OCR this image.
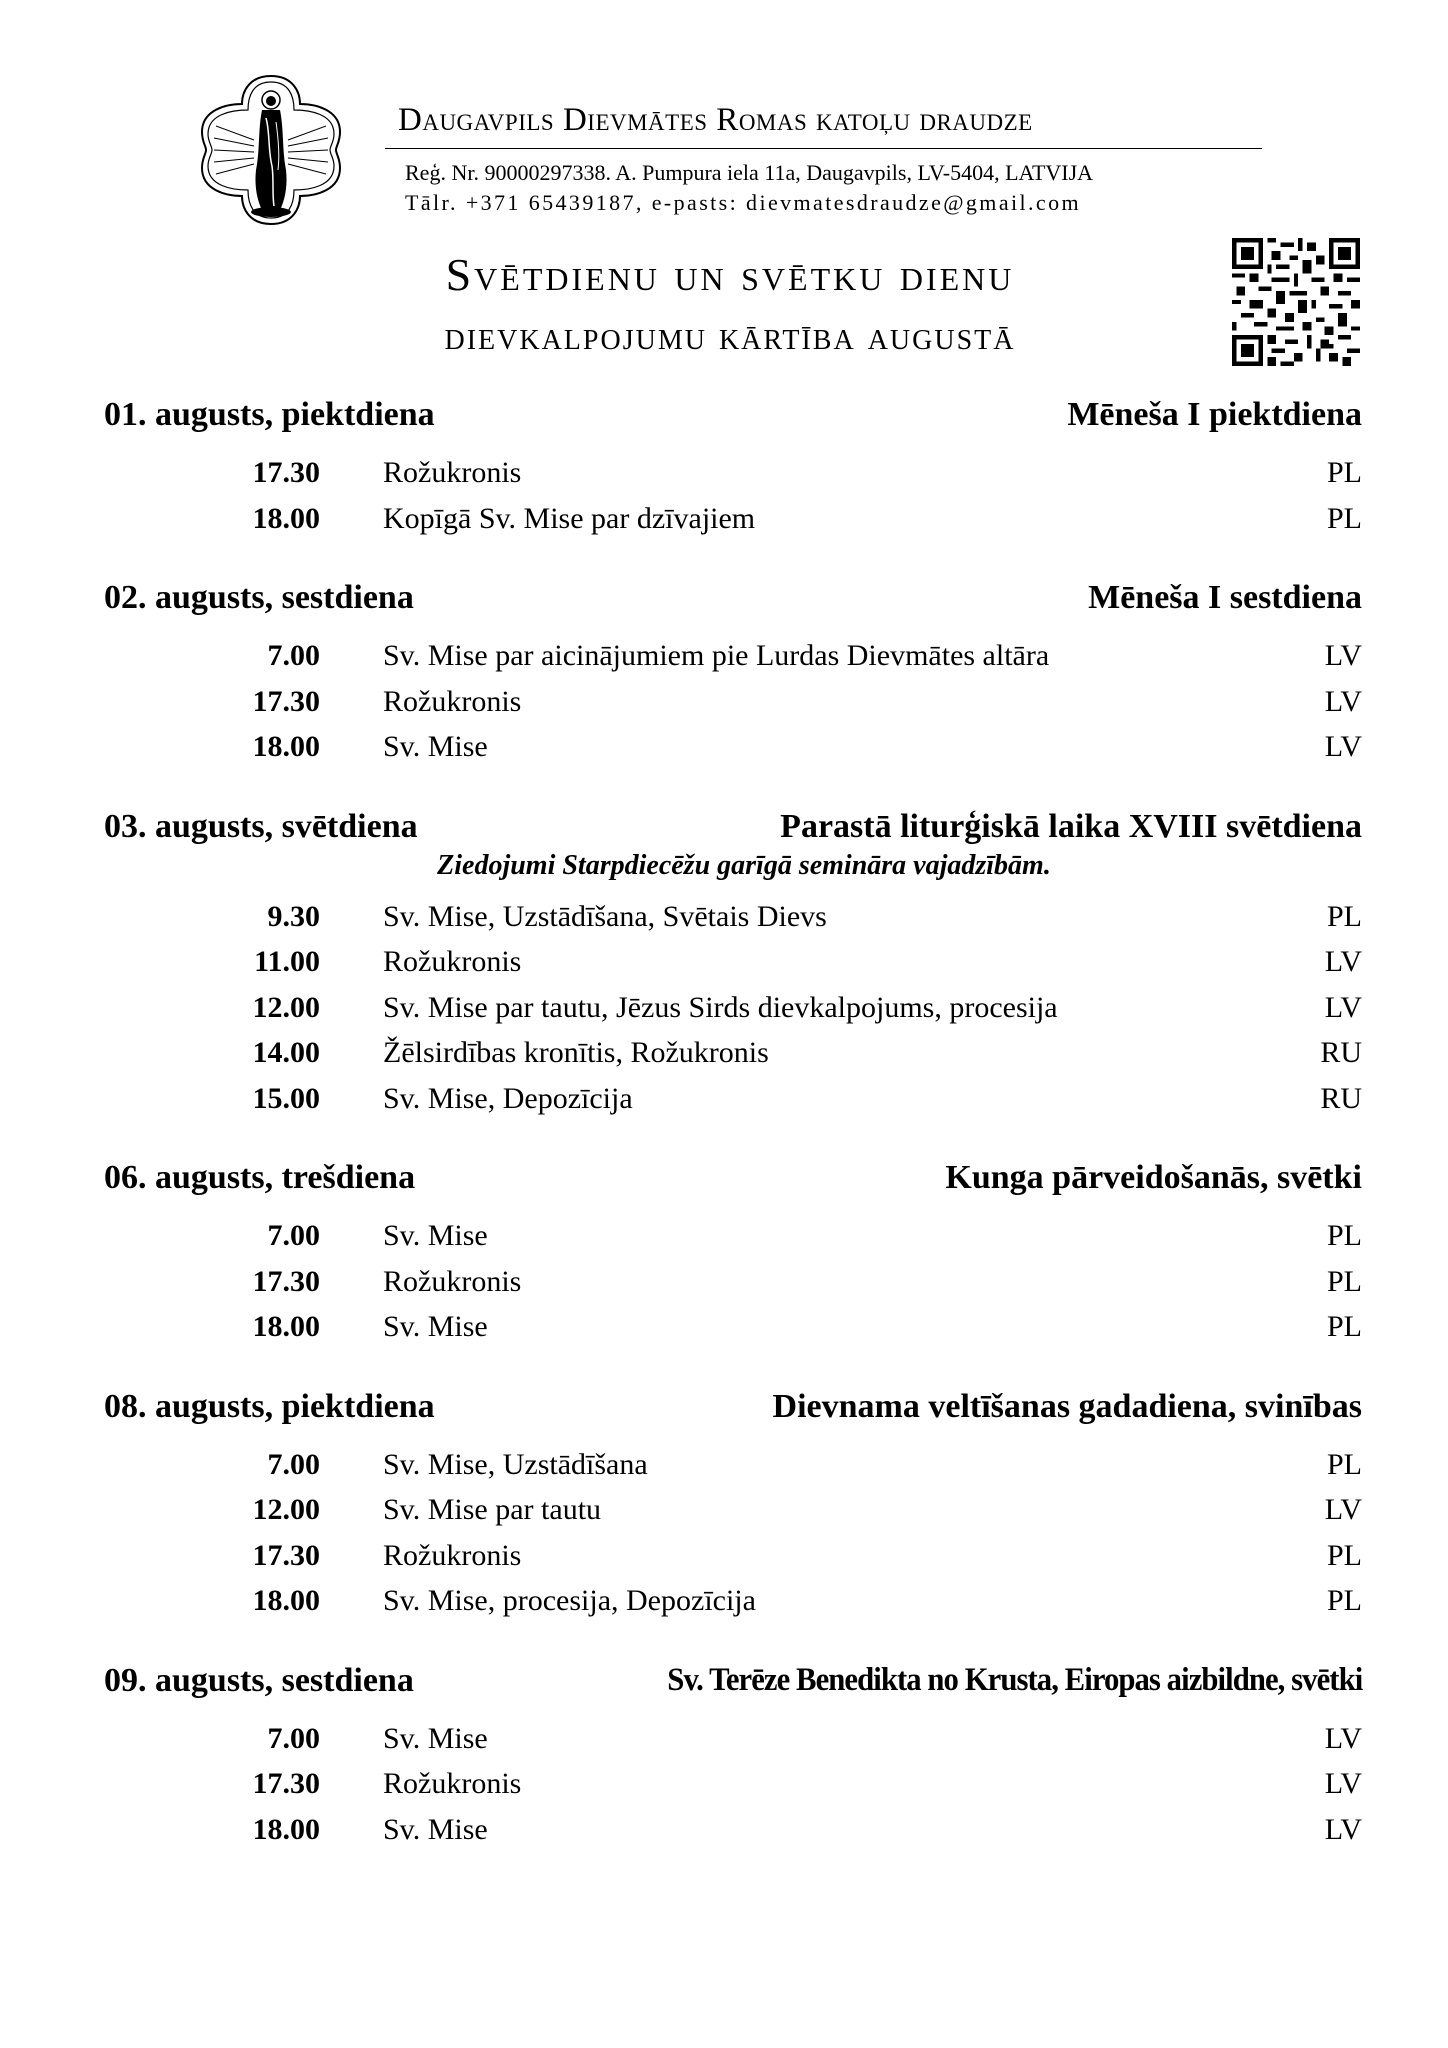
Daugavpils Dievmātes Romas katoļu draudze
Reģ. Nr. 90000297338. A. Pumpura iela 11a, Daugavpils, LV-5404, LATVIJA
Tālr. +371 65439187, e-pasts: dievmatesdraudze@gmail.com
Svētdienu un svētku dienu
dievkalpojumu kārtība augustā
01. augusts, piektdiena	Mēneša I piektdiena
17.30 Rožukronis	PL
18.00 Kopīgā Sv. Mise par dzīvajiem	PL
02. augusts, sestdiena	Mēneša I sestdiena
7.00 Sv. Mise par aicinājumiem pie Lurdas Dievmātes altāra	LV
17.30 Rožukronis	LV
18.00 Sv. Mise	LV
03. augusts, svētdiena	Parastā liturģiskā laika XVIII svētdiena
Ziedojumi Starpdiecēžu garīgā semināra vajadzībām.
9.30 Sv. Mise, Uzstādīšana, Svētais Dievs	PL
11.00 Rožukronis	LV
12.00 Sv. Mise par tautu, Jēzus Sirds dievkalpojums, procesija	LV
14.00 Žēlsirdības kronītis, Rožukronis	RU
15.00 Sv. Mise, Depozīcija	RU
06. augusts, trešdiena	Kunga pārveidošanās, svētki
7.00 Sv. Mise	PL
17.30 Rožukronis	PL
18.00 Sv. Mise	PL
08. augusts, piektdiena	Dievnama veltīšanas gadadiena, svinības
7.00 Sv. Mise, Uzstādīšana	PL
12.00 Sv. Mise par tautu	LV
17.30 Rožukronis	PL
18.00 Sv. Mise, procesija, Depozīcija	PL
09. augusts, sestdiena	Sv. Terēze Benedikta no Krusta, Eiropas aizbildne, svētki
7.00 Sv. Mise	LV
17.30 Rožukronis	LV
18.00 Sv. Mise	LV
